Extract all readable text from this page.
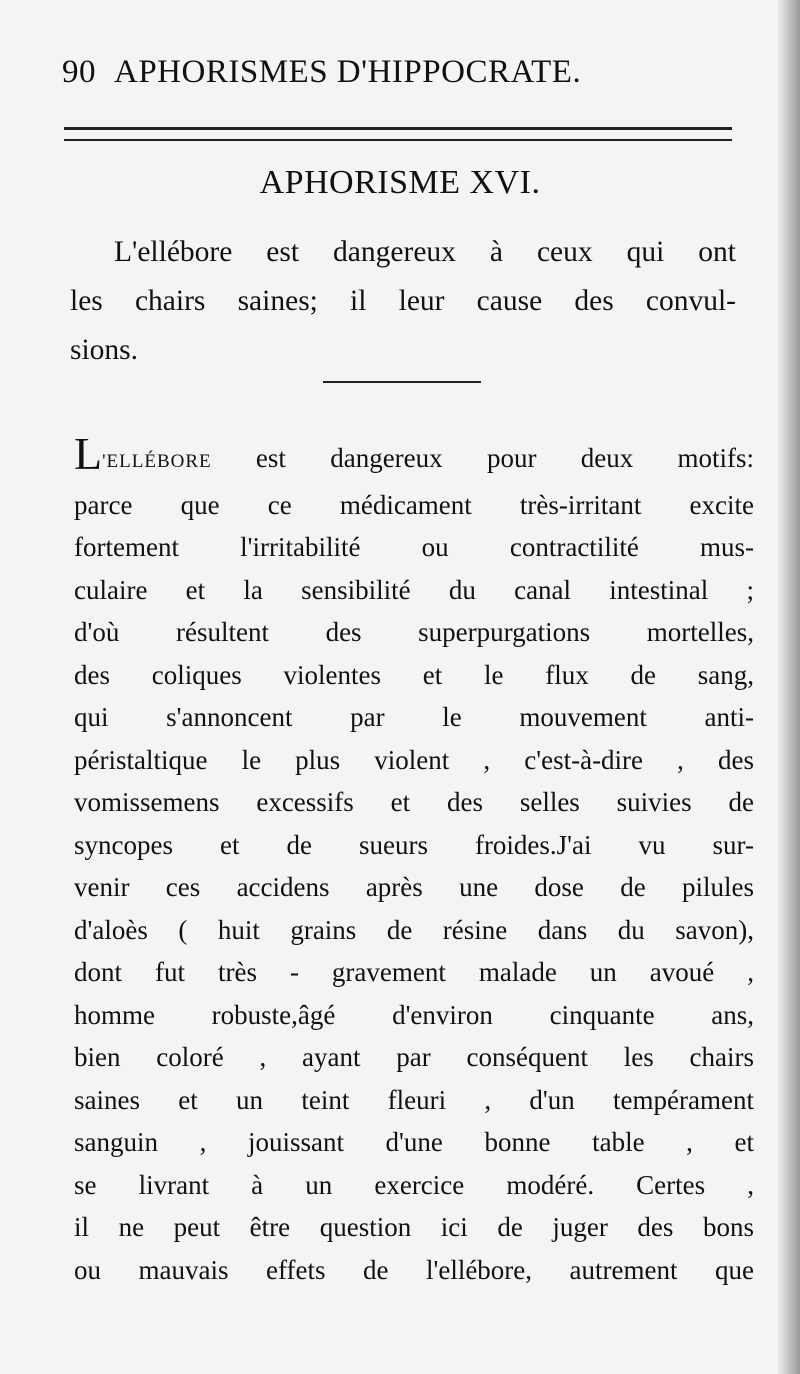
90 APHORISMES D'HIPPOCRATE.
APHORISME XVI.
L'ellébore est dangereux à ceux qui ont
les chairs saines; il leur cause des convul-
sions.
L'ELLÉBORE est dangereux pour deux motifs:
parce que ce médicament très-irritant excite
fortement l'irritabilité ou contractilité mus-
culaire et la sensibilité du canal intestinal ;
d'où résultent des superpurgations mortelles,
des coliques violentes et le flux de sang,
qui s'annoncent par le mouvement anti-
péristaltique le plus violent , c'est-à-dire , des
vomissemens excessifs et des selles suivies de
syncopes et de sueurs froides.J'ai vu sur-
venir ces accidens après une dose de pilules
d'aloès ( huit grains de résine dans du savon),
dont fut très - gravement malade un avoué ,
homme robuste,âgé d'environ cinquante ans,
bien coloré , ayant par conséquent les chairs
saines et un teint fleuri , d'un tempérament
sanguin , jouissant d'une bonne table , et
se livrant à un exercice modéré. Certes ,
il ne peut être question ici de juger des bons
ou mauvais effets de l'ellébore, autrement que
